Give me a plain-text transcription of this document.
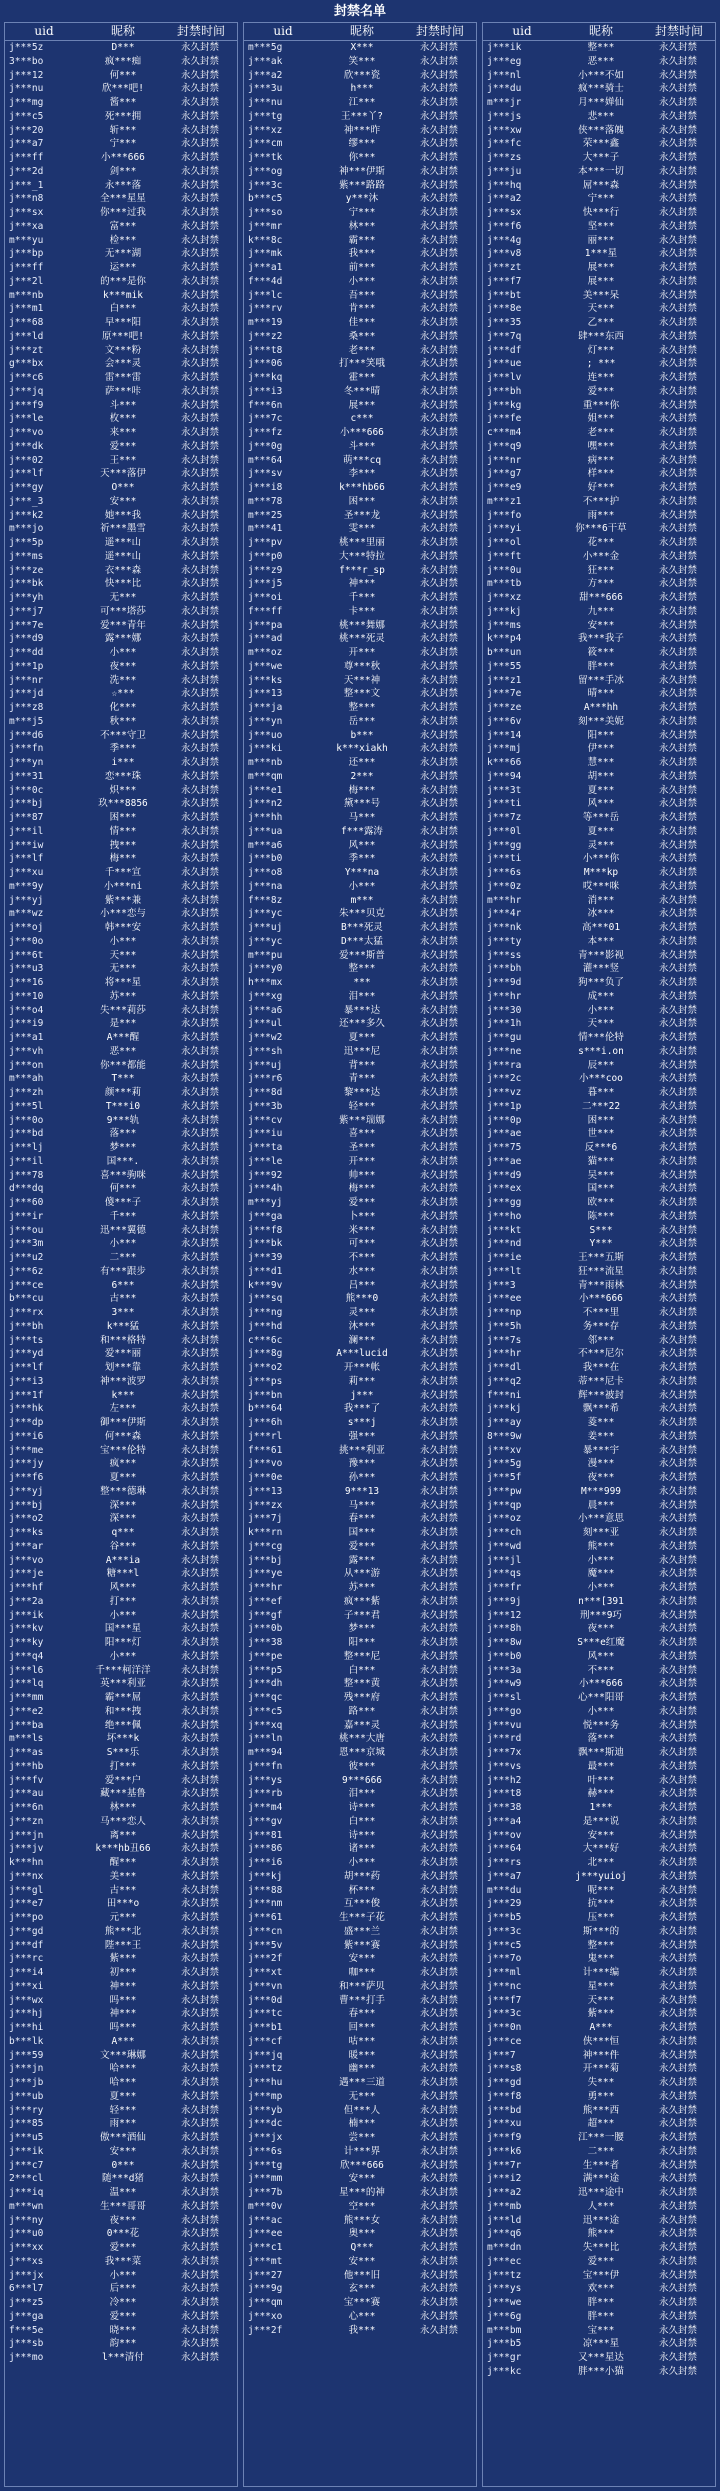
封禁名单
uid	昵称	封禁时间
j***5z	D***	永久封禁
3***bo	疯***痴	永久封禁
j***12	何***	永久封禁
j***nu	欣***吧!	永久封禁
j***mg	酱***	永久封禁
j***c5	死***拥	永久封禁
j***20	斩***	永久封禁
j***a7	宁***	永久封禁
j***ff	小***666	永久封禁
j***2d	剑***	永久封禁
j***_1	永***落	永久封禁
j***n8	全***星星	永久封禁
j***sx	你***过我	永久封禁
j***xa	富***	永久封禁
m***yu	检***	永久封禁
j***bp	无***湖	永久封禁
j***ff	运***	永久封禁
j***2l	的***是你	永久封禁
m***nb	k***mik	永久封禁
j***m1	白***	永久封禁
j***68	早***阳	永久封禁
j***ld	原***吧!	永久封禁
j***zt	文***粉	永久封禁
g***bx	会***灵	永久封禁
j***c6	雷***雷	永久封禁
j***jq	萨***咔	永久封禁
j***f9	斗***	永久封禁
j***le	枚***	永久封禁
j***vo	来***	永久封禁
j***dk	爱***	永久封禁
j***02	王***	永久封禁
j***lf	天***落伊	永久封禁
j***gy	O***	永久封禁
j***_3	安***	永久封禁
j***k2	她***我	永久封禁
m***jo	祈***墨雪	永久封禁
j***5p	遥***山	永久封禁
j***ms	遥***山	永久封禁
j***ze	衣***森	永久封禁
j***bk	快***比	永久封禁
j***yh	无***	永久封禁
j***j7	可***塔莎	永久封禁
j***7e	爱***青年	永久封禁
j***d9	露***娜	永久封禁
j***dd	小***	永久封禁
j***1p	夜***	永久封禁
j***nr	洗***	永久封禁
j***jd	☆***	永久封禁
j***z8	化***	永久封禁
m***j5	秋***	永久封禁
j***d6	不***守卫	永久封禁
j***fn	季***	永久封禁
j***yn	i***	永久封禁
j***31	恋***珠	永久封禁
j***0c	炽***	永久封禁
j***bj	玖***8856	永久封禁
j***87	困***	永久封禁
j***il	情***	永久封禁
j***iw	拽***	永久封禁
j***lf	梅***	永久封禁
j***xu	千***宣	永久封禁
m***9y	小***ni	永久封禁
j***yj	紫***兼	永久封禁
m***wz	小***恋与	永久封禁
j***oj	韩***安	永久封禁
j***0o	小***	永久封禁
j***6t	天***	永久封禁
j***u3	无***	永久封禁
j***16	将***星	永久封禁
j***10	苏***	永久封禁
j***o4	失***莉莎	永久封禁
j***i9	是***	永久封禁
j***a1	A***醒	永久封禁
j***vh	恶***	永久封禁
j***on	你***都能	永久封禁
m***ah	T***	永久封禁
j***zh	颜***莉	永久封禁
j***5l	T***i0	永久封禁
j***0o	9***轨	永久封禁
j***bd	落***	永久封禁
j***lj	梦***	永久封禁
j***il	国***.	永久封禁
j***78	喜***驹咪	永久封禁
d***dq	何***	永久封禁
j***60	傻***子	永久封禁
j***ir	千***	永久封禁
j***ou	迅***翼德	永久封禁
j***3m	小***	永久封禁
j***u2	二***	永久封禁
j***6z	有***跟步	永久封禁
j***ce	6***	永久封禁
b***cu	古***	永久封禁
j***rx	3***	永久封禁
j***bh	k***猛	永久封禁
j***ts	和***格特	永久封禁
j***yd	爱***丽	永久封禁
j***lf	划***靠	永久封禁
j***i3	神***波罗	永久封禁
j***1f	k***	永久封禁
j***hk	左***	永久封禁
j***dp	御***伊斯	永久封禁
j***i6	何***森	永久封禁
j***me	宝***伦特	永久封禁
j***jy	疯***	永久封禁
j***f6	夏***	永久封禁
j***yj	整***德琳	永久封禁
j***bj	深***	永久封禁
j***o2	深***	永久封禁
j***ks	q***	永久封禁
j***ar	谷***	永久封禁
j***vo	A***ia	永久封禁
j***je	糖***l	永久封禁
j***hf	风***	永久封禁
j***2a	打***	永久封禁
j***ik	小***	永久封禁
j***kv	国***星	永久封禁
j***ky	阳***灯	永久封禁
j***q4	小***	永久封禁
j***l6	千***柯洋洋	永久封禁
j***lq	英***利亚	永久封禁
j***mm	霸***屌	永久封禁
j***e2	和***拽	永久封禁
j***ba	绝***佩	永久封禁
m***ls	坏***k	永久封禁
j***as	S***乐	永久封禁
j***hb	打***	永久封禁
j***fv	爱***户	永久封禁
j***au	藏***基鲁	永久封禁
j***6n	林***	永久封禁
j***zn	马***恋人	永久封禁
j***jn	离***	永久封禁
j***jv	k***hb丑66	永久封禁
k***hn	醒***	永久封禁
j***nx	美***	永久封禁
j***gl	古***	永久封禁
j***e7	田***o	永久封禁
j***po	元***	永久封禁
j***gd	熊***北	永久封禁
j***df	陛***王	永久封禁
j***rc	紫***	永久封禁
j***i4	初***	永久封禁
j***xi	神***	永久封禁
j***wx	吗***	永久封禁
j***hj	神***	永久封禁
j***hi	吗***	永久封禁
b***lk	A***	永久封禁
j***59	文***琳娜	永久封禁
j***jn	哈***	永久封禁
j***jb	哈***	永久封禁
j***ub	夏***	永久封禁
j***ry	轻***	永久封禁
j***85	雨***	永久封禁
j***u5	傲***酒仙	永久封禁
j***ik	安***	永久封禁
j***c7	0***	永久封禁
2***cl	随***d猪	永久封禁
j***iq	温***	永久封禁
m***wn	生***哥哥	永久封禁
j***ny	夜***	永久封禁
j***u0	0***花	永久封禁
j***xx	爱***	永久封禁
j***xs	我***菜	永久封禁
j***jx	小***	永久封禁
6***l7	后***	永久封禁
j***z5	冷***	永久封禁
j***ga	爱***	永久封禁
f***5e	晓***	永久封禁
j***sb	韵***	永久封禁
j***mo	l***清付	永久封禁
uid	昵称	封禁时间
m***5g	X***	永久封禁
j***ak	笑***	永久封禁
j***a2	欣***瓷	永久封禁
j***3u	h***	永久封禁
j***nu	江***	永久封禁
j***tg	王***丫?	永久封禁
j***xz	神***昨	永久封禁
j***cm	缪***	永久封禁
j***tk	你***	永久封禁
j***og	神***伊斯	永久封禁
j***3c	紫***路路	永久封禁
b***c5	y***沐	永久封禁
j***so	宁***	永久封禁
j***mr	林***	永久封禁
k***8c	霸***	永久封禁
j***mk	我***	永久封禁
j***a1	前***	永久封禁
f***4d	小***	永久封禁
j***lc	吾***	永久封禁
j***rv	肯***	永久封禁
m***19	佳***	永久封禁
j***z2	桑***	永久封禁
j***t8	老***	永久封禁
j***06	打***笑哦	永久封禁
j***kq	霍***	永久封禁
j***i3	冬***晴	永久封禁
f***6n	展***	永久封禁
j***7c	c***	永久封禁
j***fz	小***666	永久封禁
j***0g	斗***	永久封禁
m***64	萌***cq	永久封禁
j***sv	李***	永久封禁
j***i8	k***hb66	永久封禁
m***78	困***	永久封禁
m***25	圣***龙	永久封禁
m***41	雯***	永久封禁
j***pv	桃***里丽	永久封禁
j***p0	大***特拉	永久封禁
j***z9	f***r_sp	永久封禁
j***j5	神***	永久封禁
j***oi	千***	永久封禁
f***ff	卡***	永久封禁
j***pa	桃***舞娜	永久封禁
j***ad	桃***死灵	永久封禁
m***oz	开***	永久封禁
j***we	尊***秋	永久封禁
j***ks	天***神	永久封禁
j***13	整***文	永久封禁
j***ja	整***	永久封禁
j***yn	岳***	永久封禁
j***uo	b***	永久封禁
j***ki	k***xiakh	永久封禁
m***nb	还***	永久封禁
m***qm	2***	永久封禁
j***e1	梅***	永久封禁
j***n2	黛***号	永久封禁
j***hh	马***	永久封禁
j***ua	f***露涛	永久封禁
m***a6	风***	永久封禁
j***b0	季***	永久封禁
j***o8	Y***na	永久封禁
j***na	小***	永久封禁
f***8z	m***	永久封禁
j***yc	朱***贝克	永久封禁
j***uj	B***死灵	永久封禁
j***yc	D***太猛	永久封禁
m***pu	爱***斯普	永久封禁
j***y0	整***	永久封禁
h***mx	***	永久封禁
j***xg	泪***	永久封禁
j***a6	暴***达	永久封禁
j***ul	还***多久	永久封禁
j***w2	夏***	永久封禁
j***sh	迅***尼	永久封禁
j***uj	背***	永久封禁
j***r6	青***	永久封禁
j***8d	黎***达	永久封禁
j***3b	轻***	永久封禁
j***cv	紫***瑞娜	永久封禁
j***iu	喜***	永久封禁
j***ta	圣***	永久封禁
j***le	开***	永久封禁
j***92	帅***	永久封禁
j***4h	梅***	永久封禁
m***yj	爱***	永久封禁
j***ga	卜***	永久封禁
j***f8	米***	永久封禁
j***bk	可***	永久封禁
j***39	不***	永久封禁
j***d1	水***	永久封禁
k***9v	吕***	永久封禁
j***sq	熊***0	永久封禁
j***ng	灵***	永久封禁
j***hd	沐***	永久封禁
c***6c	澜***	永久封禁
j***8g	A***lucid	永久封禁
j***o2	开***帐	永久封禁
j***ps	莉***	永久封禁
j***bn	j***	永久封禁
b***64	我***了	永久封禁
j***6h	s***j	永久封禁
j***rl	强***	永久封禁
f***61	挑***利亚	永久封禁
j***vo	豫***	永久封禁
j***0e	孙***	永久封禁
j***13	9***13	永久封禁
j***zx	马***	永久封禁
j***7j	春***	永久封禁
k***rn	国***	永久封禁
j***cg	爱***	永久封禁
j***bj	露***	永久封禁
j***ye	从***游	永久封禁
j***hr	苏***	永久封禁
j***ef	疯***紫	永久封禁
j***gf	子***君	永久封禁
j***0b	梦***	永久封禁
j***38	阳***	永久封禁
j***pe	整***尼	永久封禁
j***p5	白***	永久封禁
j***dh	整***黄	永久封禁
j***qc	残***府	永久封禁
j***c5	路***	永久封禁
j***xq	嘉***灵	永久封禁
j***ln	桃***大唐	永久封禁
m***94	恩***京城	永久封禁
j***fn	彼***	永久封禁
j***ys	9***666	永久封禁
j***rb	泪***	永久封禁
j***m4	诗***	永久封禁
j***gv	白***	永久封禁
j***81	诗***	永久封禁
j***86	诸***	永久封禁
j***i6	小***	永久封禁
j***kj	胡***药	永久封禁
j***88	杯***	永久封禁
j***nm	互***俊	永久封禁
j***61	生***子花	永久封禁
j***cn	盛***兰	永久封禁
j***5v	紫***赛	永久封禁
j***2f	安***	永久封禁
j***xt	咖***	永久封禁
j***vn	和***萨贝	永久封禁
j***0d	曹***打手	永久封禁
j***tc	春***	永久封禁
j***b1	回***	永久封禁
j***cf	咕***	永久封禁
j***jq	暖***	永久封禁
j***tz	幽***	永久封禁
j***hu	遇***三道	永久封禁
j***mp	无***	永久封禁
j***yb	但***人	永久封禁
j***dc	楠***	永久封禁
j***jx	尝***	永久封禁
j***6s	计***界	永久封禁
j***tg	欣***666	永久封禁
j***mm	安***	永久封禁
j***7b	星***的神	永久封禁
m***0v	空***	永久封禁
j***ac	熊***女	永久封禁
j***ee	奥***	永久封禁
j***c1	Q***	永久封禁
j***mt	安***	永久封禁
j***27	他***旧	永久封禁
j***9g	玄***	永久封禁
j***qm	宝***赛	永久封禁
j***xo	心***	永久封禁
j***2f	我***	永久封禁
uid	昵称	封禁时间
j***ik	整***	永久封禁
j***eg	恶***	永久封禁
j***nl	小***不如	永久封禁
j***du	疯***骑士	永久封禁
m***jr	月***婵仙	永久封禁
j***js	悲***	永久封禁
j***xw	侠***落魄	永久封禁
j***fc	荣***鑫	永久封禁
j***zs	大***子	永久封禁
j***ju	本***一切	永久封禁
j***hq	屌***森	永久封禁
j***a2	宁***	永久封禁
j***sx	快***行	永久封禁
j***f6	坚***	永久封禁
j***4g	丽***	永久封禁
j***v8	1***星	永久封禁
j***zt	展***	永久封禁
j***f7	展***	永久封禁
j***bt	美***呆	永久封禁
j***8e	天***	永久封禁
j***35	乙***	永久封禁
j***7q	肆***东西	永久封禁
j***df	灯***	永久封禁
j***ue	; ***	永久封禁
j***lv	连***	永久封禁
j***bh	爱***	永久封禁
j***kg	重***你	永久封禁
j***fe	姐***	永久封禁
c***m4	老***	永久封禁
j***q9	嘿***	永久封禁
j***nr	病***	永久封禁
j***g7	样***	永久封禁
j***e9	好***	永久封禁
m***z1	不***护	永久封禁
j***fo	雨***	永久封禁
j***yi	你***6干草	永久封禁
j***ol	花***	永久封禁
j***ft	小***金	永久封禁
j***0u	狂***	永久封禁
m***tb	方***	永久封禁
j***xz	甜***666	永久封禁
j***kj	九***	永久封禁
j***ms	安***	永久封禁
k***p4	我***我子	永久封禁
b***un	筱***	永久封禁
j***55	胖***	永久封禁
j***z1	留***手冰	永久封禁
j***7e	晴***	永久封禁
j***ze	A***hh	永久封禁
j***6v	刻***美妮	永久封禁
j***14	阳***	永久封禁
j***mj	伊***	永久封禁
k***66	慧***	永久封禁
j***94	胡***	永久封禁
j***3t	夏***	永久封禁
j***ti	风***	永久封禁
j***7z	等***岳	永久封禁
j***0l	夏***	永久封禁
j***gg	灵***	永久封禁
j***ti	小***你	永久封禁
j***6s	M***kp	永久封禁
j***0z	哎***咪	永久封禁
m***hr	消***	永久封禁
j***4r	冰***	永久封禁
j***nk	高***01	永久封禁
j***ty	本***	永久封禁
j***ss	青***影视	永久封禁
j***bh	灌***竖	永久封禁
j***9d	狗***负了	永久封禁
j***hr	成***	永久封禁
j***30	小***	永久封禁
j***1h	天***	永久封禁
j***gu	情***伦特	永久封禁
j***ne	s***i.on	永久封禁
j***ra	辰***	永久封禁
j***2c	小***coo	永久封禁
j***vz	暮***	永久封禁
j***1p	二***22	永久封禁
j***0p	困***	永久封禁
j***ae	世***	永久封禁
j***75	反***6	永久封禁
j***ae	猫***	永久封禁
j***d9	吴***	永久封禁
j***ex	国***	永久封禁
j***gg	欧***	永久封禁
j***ho	陈***	永久封禁
j***kt	S***	永久封禁
j***nd	Y***	永久封禁
j***ie	王***五斯	永久封禁
j***lt	狂***流星	永久封禁
j***3	青***雨林	永久封禁
j***ee	小***666	永久封禁
j***np	不***里	永久封禁
j***5h	务***存	永久封禁
j***7s	邻***	永久封禁
j***hr	不***尼尔	永久封禁
j***dl	我***在	永久封禁
j***q2	蒂***尼卡	永久封禁
f***ni	辉***被封	永久封禁
j***kj	飘***希	永久封禁
j***ay	菱***	永久封禁
8***9w	姜***	永久封禁
j***xv	暴***宇	永久封禁
j***5g	漫***	永久封禁
j***5f	夜***	永久封禁
j***pw	M***999	永久封禁
j***qp	晨***	永久封禁
j***oz	小***意思	永久封禁
j***ch	刻***亚	永久封禁
j***wd	熊***	永久封禁
j***jl	小***	永久封禁
j***qs	魔***	永久封禁
j***fr	小***	永久封禁
j***9j	n***[391	永久封禁
j***12	刑***9巧	永久封禁
j***8h	夜***	永久封禁
j***8w	S***e红魔	永久封禁
j***b0	风***	永久封禁
j***3a	不***	永久封禁
j***w9	小***666	永久封禁
j***sl	心***阳哥	永久封禁
j***go	小***	永久封禁
j***vu	悦***务	永久封禁
j***rd	落***	永久封禁
j***7x	飘***斯迪	永久封禁
j***vs	最***	永久封禁
j***h2	叶***	永久封禁
j***t8	赫***	永久封禁
j***38	1***	永久封禁
j***a4	是***说	永久封禁
j***ov	安***	永久封禁
j***64	大***好	永久封禁
j***rs	北***	永久封禁
j***a7	j***yuioj	永久封禁
m***du	呢***	永久封禁
j***29	抗***	永久封禁
j***b5	压***	永久封禁
j***3c	斯***的	永久封禁
j***c5	整***	永久封禁
j***7o	鬼***	永久封禁
j***ml	计***编	永久封禁
j***nc	星***	永久封禁
j***f7	天***	永久封禁
j***3c	紫***	永久封禁
j***0n	A***	永久封禁
j***ce	侠***恒	永久封禁
j***7	神***件	永久封禁
j***s8	开***菊	永久封禁
j***gd	失***	永久封禁
j***f8	勇***	永久封禁
j***bd	熊***西	永久封禁
j***xu	超***	永久封禁
j***f9	江***一腰	永久封禁
j***k6	二***	永久封禁
j***7r	生***者	永久封禁
j***i2	满***途	永久封禁
j***a2	迅***途中	永久封禁
j***mb	人***	永久封禁
j***ld	迅***途	永久封禁
j***q6	熊***	永久封禁
m***dn	失***比	永久封禁
j***ec	爱***	永久封禁
j***tz	宝***伊	永久封禁
j***ys	欢***	永久封禁
j***we	胖***	永久封禁
j***6g	胖***	永久封禁
m***bm	宝***	永久封禁
j***b5	凉***星	永久封禁
j***gr	又***星达	永久封禁
j***kc	胖***小猫	永久封禁
